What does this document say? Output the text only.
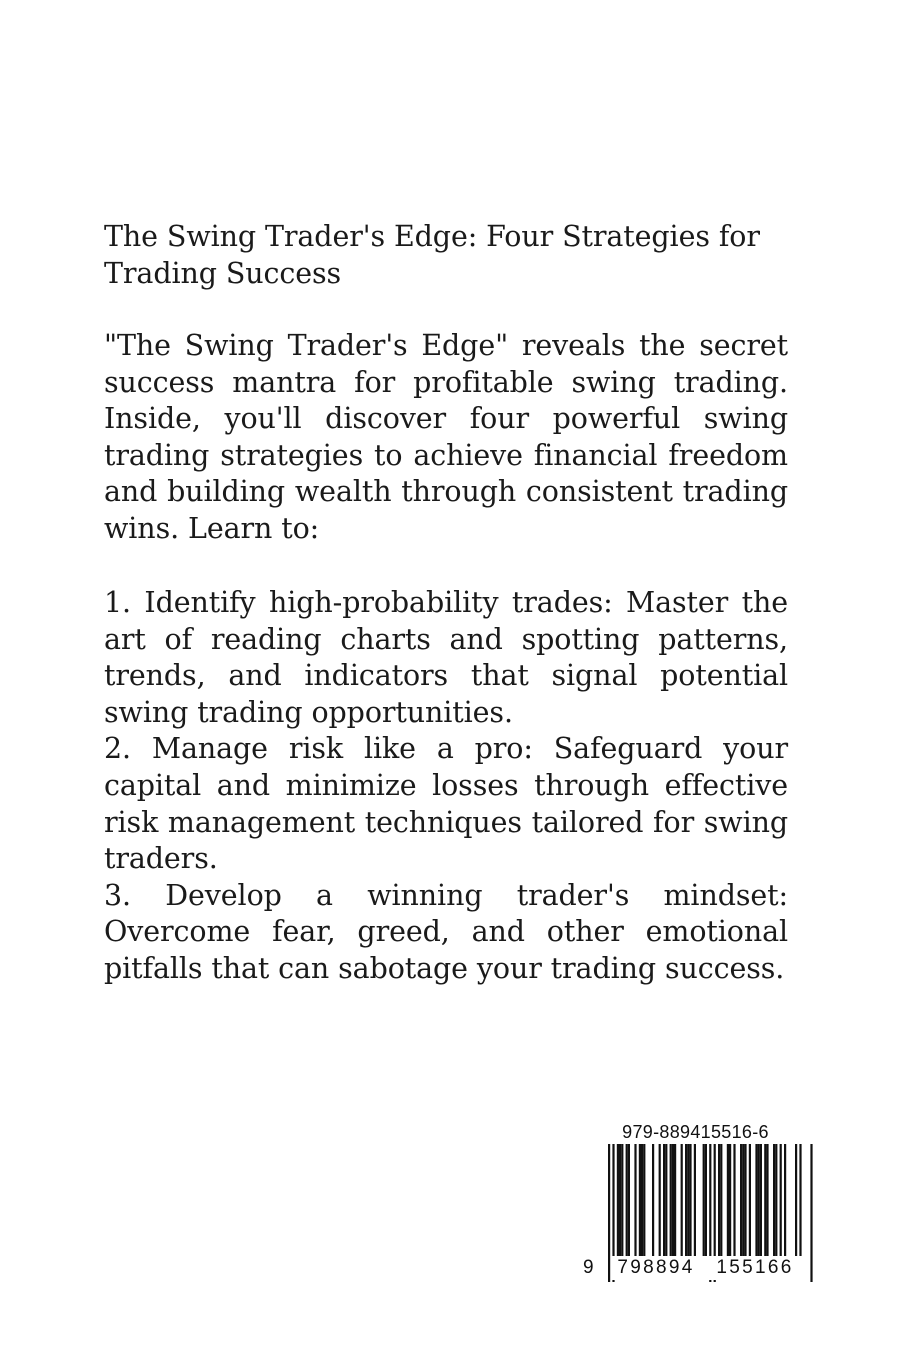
The Swing Trader's Edge: Four Strategies for Trading Success

"The Swing Trader's Edge" reveals the secret success mantra for profitable swing trading. Inside, you'll discover four powerful swing trading strategies to achieve financial freedom and building wealth through consistent trading wins. Learn to:

1. Identify high-probability trades: Master the art of reading charts and spotting patterns, trends, and indicators that signal potential swing trading opportunities.

2. Manage risk like a pro: Safeguard your capital and minimize losses through effective risk management techniques tailored for swing traders.

3. Develop a winning trader's mindset: Overcome fear, greed, and other emotional pitfalls that can sabotage your trading success.

979-889415516-6
9	798894	155166
